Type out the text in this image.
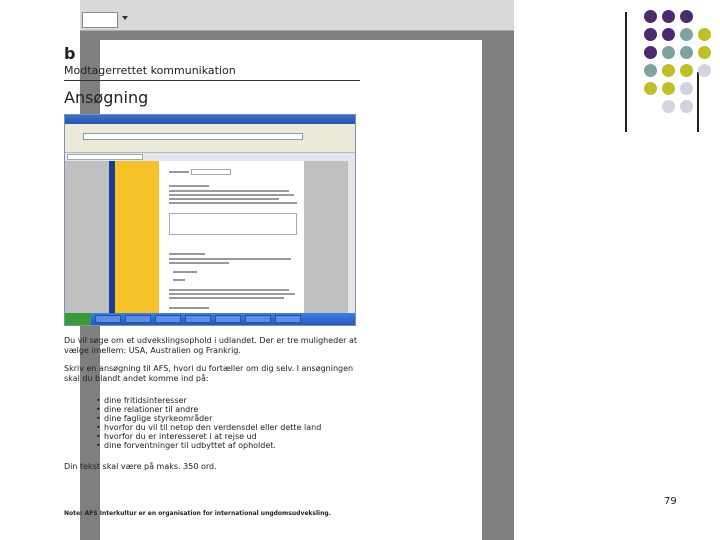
b
Modtagerrettet kommunikation
Ansøgning
Du vil søge om et udvekslingsophold i udlandet. Der er tre muligheder at vælge imellem: USA, Australien og Frankrig.
Skriv en ansøgning til AFS, hvori du fortæller om dig selv. I ansøgningen skal du blandt andet komme ind på:
• dine fritidsinteresser
• dine relationer til andre
• dine faglige styrkeområder
• hvorfor du vil til netop den verdensdel eller dette land
• hvorfor du er interesseret i at rejse ud
• dine forventninger til udbyttet af opholdet.
Din tekst skal være på maks. 350 ord.
Note: AFS Interkultur er en organisation for international ungdomsudveksling.
79
